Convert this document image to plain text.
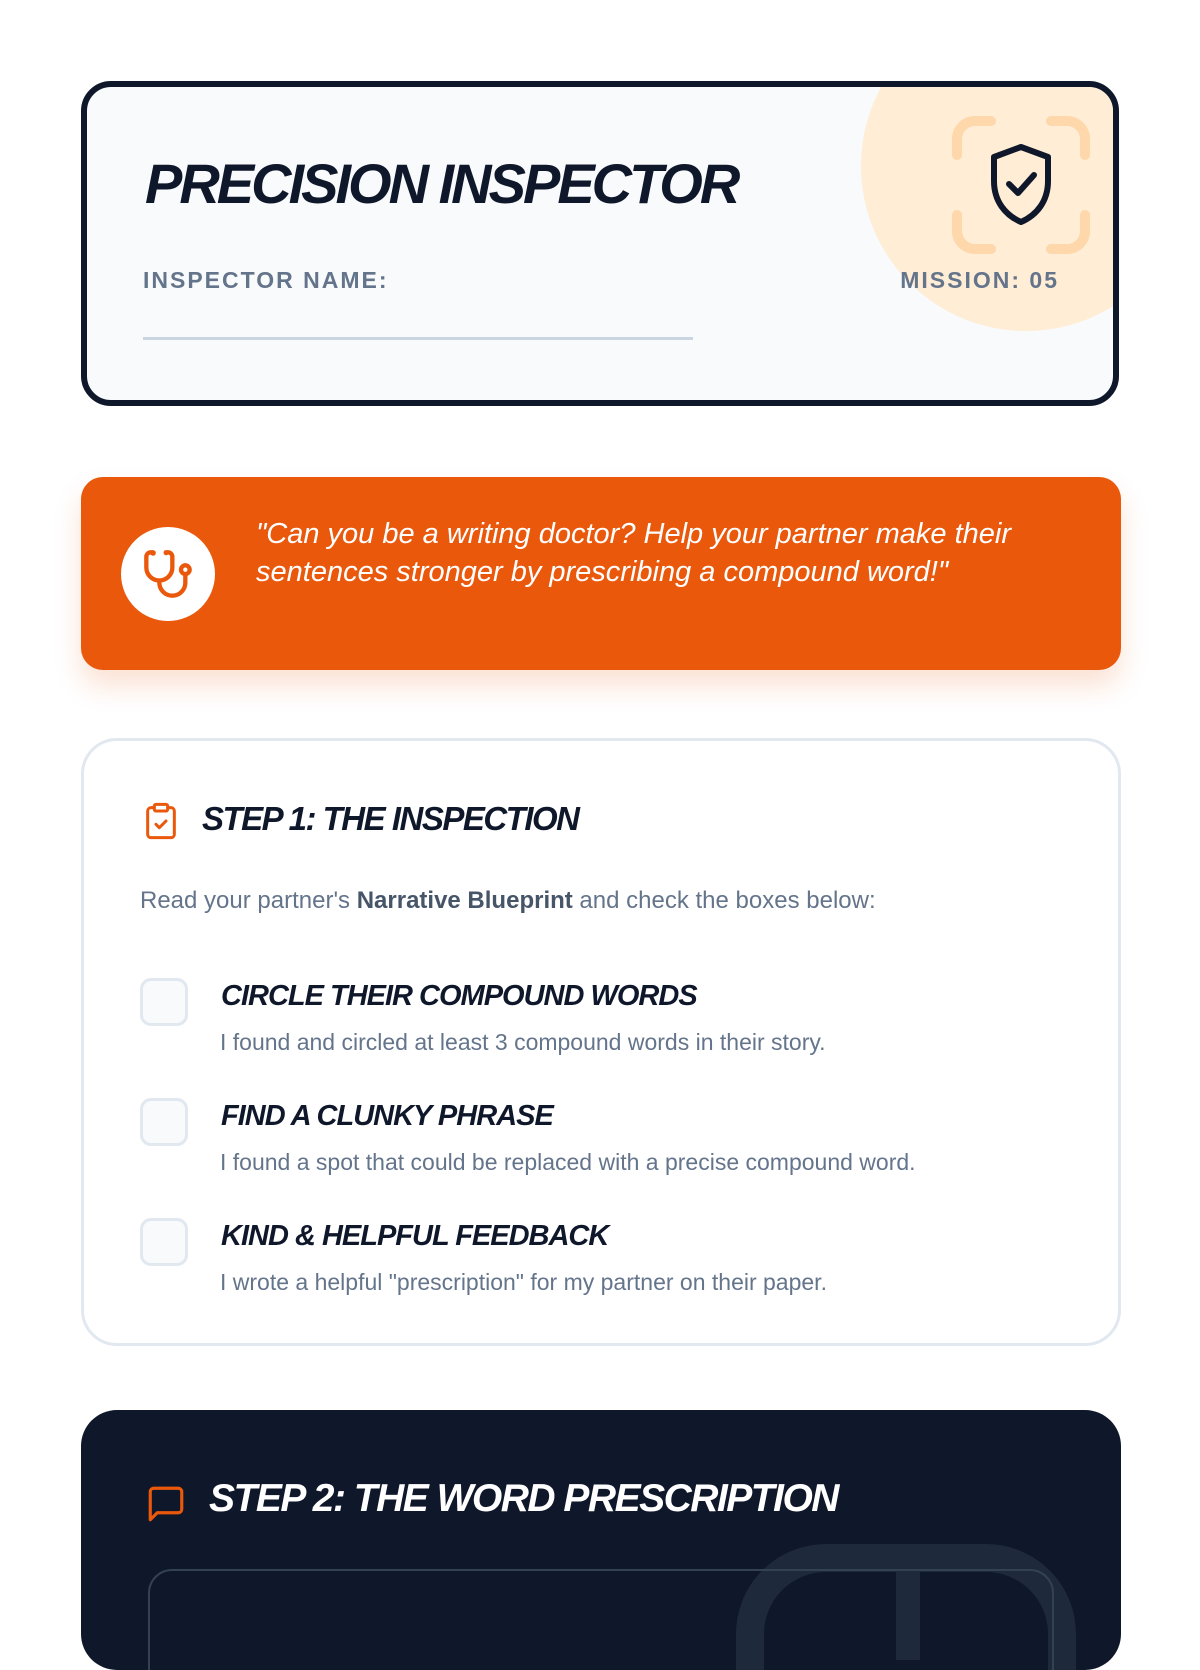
PRECISION INSPECTOR
INSPECTOR NAME:	MISSION: 05

"Can you be a writing doctor? Help your partner make their sentences stronger by prescribing a compound word!"

STEP 1: THE INSPECTION

Read your partner's Narrative Blueprint and check the boxes below:

CIRCLE THEIR COMPOUND WORDS

I found and circled at least 3 compound words in their story.

FIND A CLUNKY PHRASE

I found a spot that could be replaced with a precise compound word.

KIND & HELPFUL FEEDBACK

I wrote a helpful "prescription" for my partner on their paper.

STEP 2: THE WORD PRESCRIPTION
